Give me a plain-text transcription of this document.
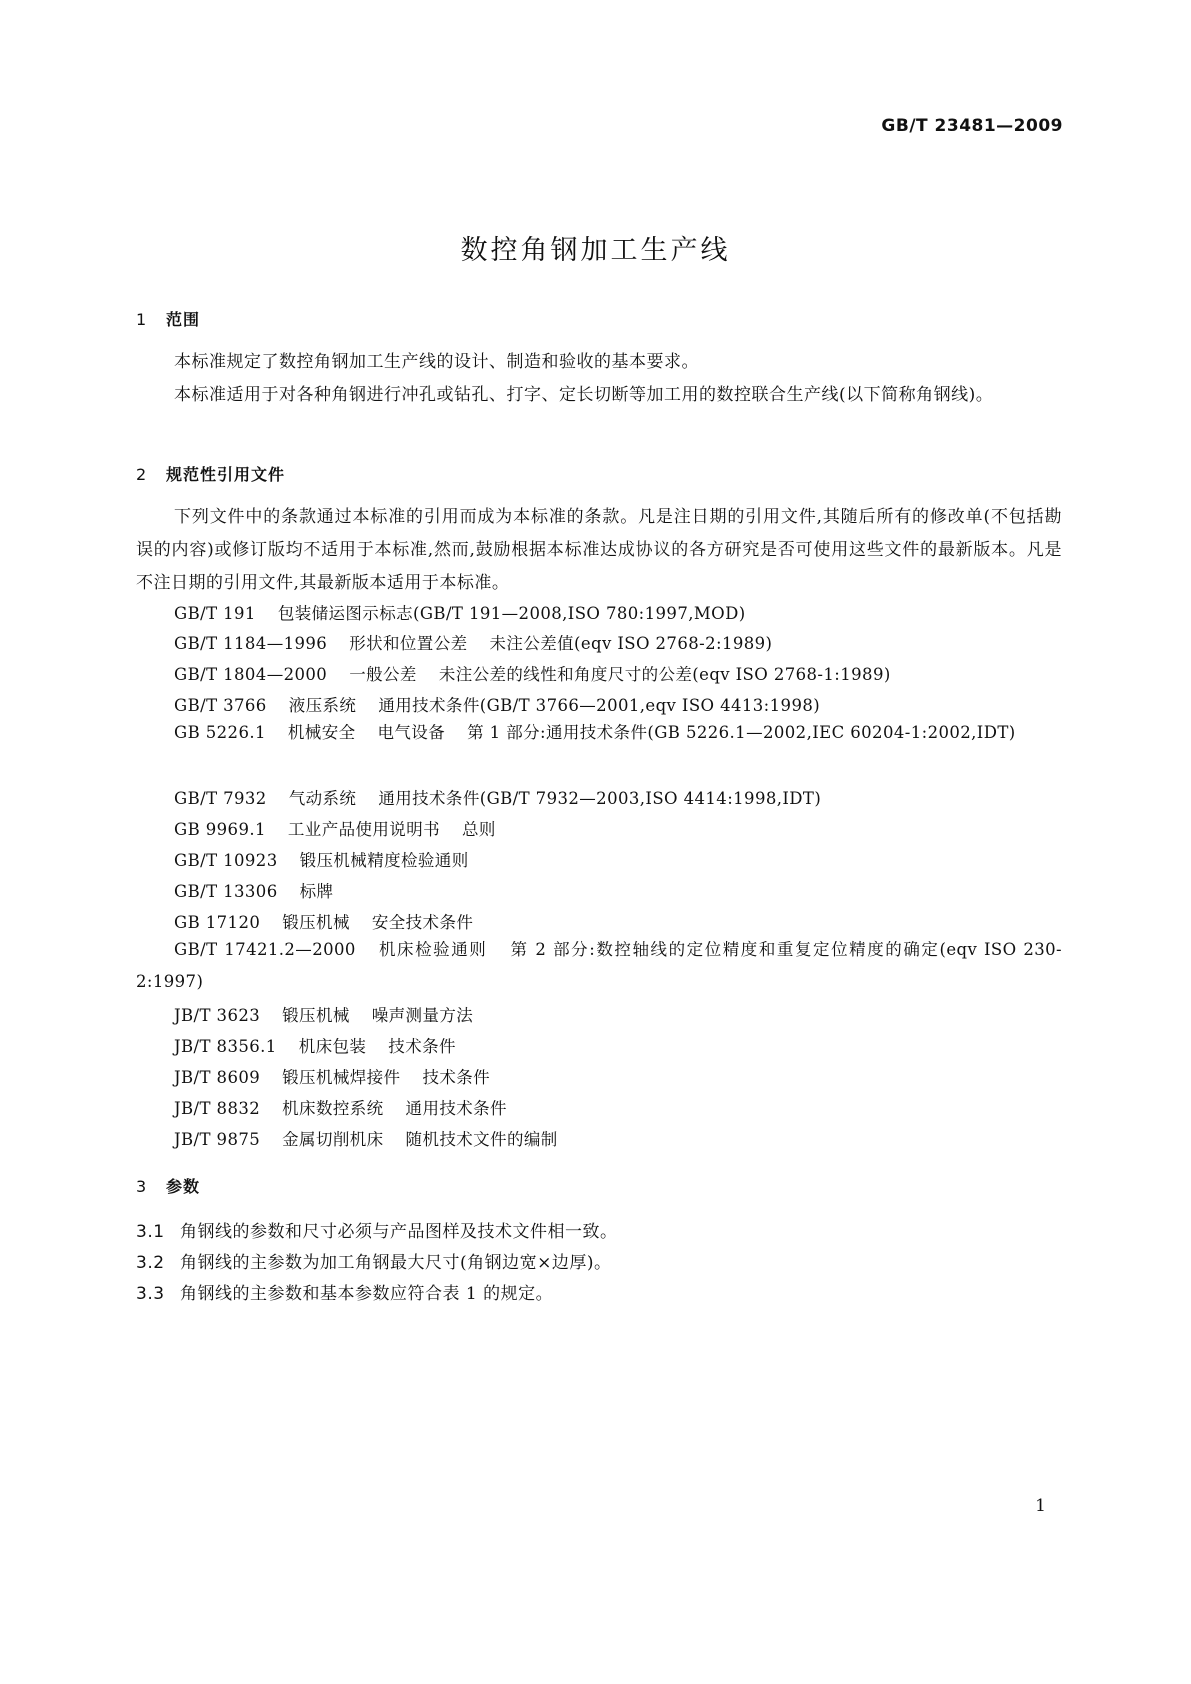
GB/T 23481—2009
数控角钢加工生产线
1 范围
本标准规定了数控角钢加工生产线的设计、制造和验收的基本要求。
本标准适用于对各种角钢进行冲孔或钻孔、打字、定长切断等加工用的数控联合生产线(以下简称角钢线)。
2 规范性引用文件
下列文件中的条款通过本标准的引用而成为本标准的条款。凡是注日期的引用文件,其随后所有的修改单(不包括勘误的内容)或修订版均不适用于本标准,然而,鼓励根据本标准达成协议的各方研究是否可使用这些文件的最新版本。凡是不注日期的引用文件,其最新版本适用于本标准。
GB/T 191 包装储运图示标志(GB/T 191—2008,ISO 780:1997,MOD)
GB/T 1184—1996 形状和位置公差 未注公差值(eqv ISO 2768-2:1989)
GB/T 1804—2000 一般公差 未注公差的线性和角度尺寸的公差(eqv ISO 2768-1:1989)
GB/T 3766 液压系统 通用技术条件(GB/T 3766—2001,eqv ISO 4413:1998)
GB 5226.1 机械安全 电气设备 第 1 部分:通用技术条件(GB 5226.1—2002,IEC 60204-1:2002,IDT)
GB/T 7932 气动系统 通用技术条件(GB/T 7932—2003,ISO 4414:1998,IDT)
GB 9969.1 工业产品使用说明书 总则
GB/T 10923 锻压机械精度检验通则
GB/T 13306 标牌
GB 17120 锻压机械 安全技术条件
GB/T 17421.2—2000 机床检验通则 第 2 部分:数控轴线的定位精度和重复定位精度的确定(eqv ISO 230-2:1997)
JB/T 3623 锻压机械 噪声测量方法
JB/T 8356.1 机床包装 技术条件
JB/T 8609 锻压机械焊接件 技术条件
JB/T 8832 机床数控系统 通用技术条件
JB/T 9875 金属切削机床 随机技术文件的编制
3 参数
3.1 角钢线的参数和尺寸必须与产品图样及技术文件相一致。
3.2 角钢线的主参数为加工角钢最大尺寸(角钢边宽×边厚)。
3.3 角钢线的主参数和基本参数应符合表 1 的规定。
1
